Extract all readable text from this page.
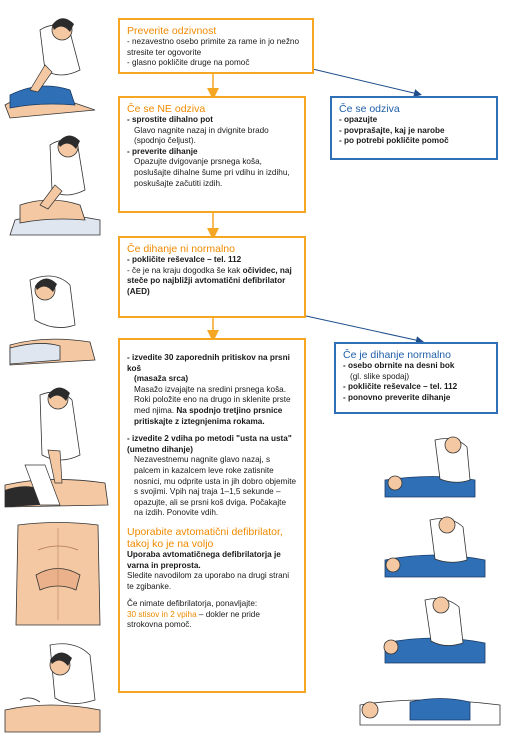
Preverite odzivnost
- nezavestno osebo primite za rame in jo nežno stresite ter ogovorite
- glasno pokličite druge na pomoč
Če se NE odziva
- sprostite dihalno pot
Glavo nagnite nazaj in dvignite brado (spodnjo čeljust).
- preverite dihanje
Opazujte dvigovanje prsnega koša, poslušajte dihalne šume pri vdihu in izdihu, poskušajte začutiti izdih.
Če se odziva
- opazujte
- povprašajte, kaj je narobe
- po potrebi pokličite pomoč
Če dihanje ni normalno
- pokličite reševalce – tel. 112
- če je na kraju dogodka še kak očividec, naj steče po najbližji avtomatični defibrilator (AED)
Če je dihanje normalno
- osebo obrnite na desni bok
(gl. slike spodaj)
- pokličite reševalce – tel. 112
- ponovno preverite dihanje
- izvedite 30 zaporednih pritiskov na prsni koš
(masaža srca)
Masažo izvajajte na sredini prsnega koša. Roki položite eno na drugo in sklenite prste med njima. Na spodnjo tretjino prsnice pritiskajte z iztegnjenima rokama.
- izvedite 2 vdiha po metodi "usta na usta" (umetno dihanje)
Nezavestnemu nagnite glavo nazaj, s palcem in kazalcem leve roke zatisnite nosnici, mu odprite usta in jih dobro objemite s svojimi. Vpih naj traja 1–1,5 sekunde – opazujte, ali se prsni koš dviga. Počakajte na izdih. Ponovite vdih.
Uporabite avtomatični defibrilator, takoj ko je na voljo
Uporaba avtomatičnega defibrilatorja je varna in preprosta.
Sledite navodilom za uporabo na drugi strani te zgibanke.
Če nimate defibrilatorja, ponavljajte:
30 stisov in 2 vpiha – dokler ne pride strokovna pomoč.
